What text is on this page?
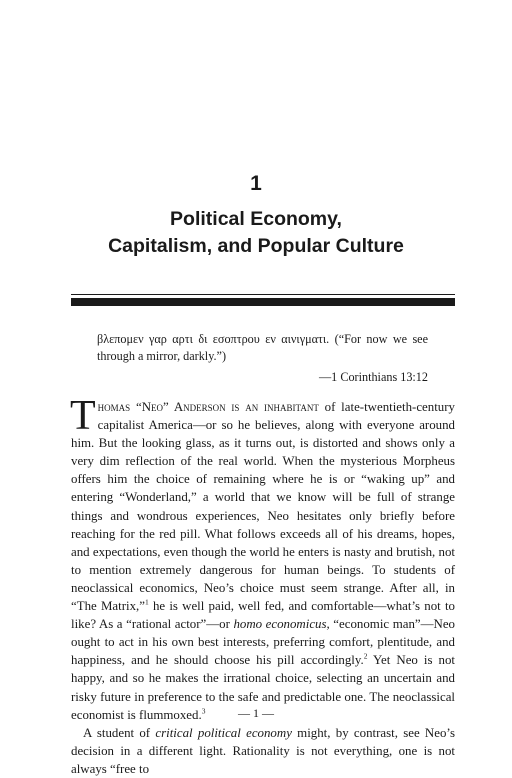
1
Political Economy,
Capitalism, and Popular Culture
βλεπομεν γαρ αρτι δι εσοπτρου εν αινιγματι. (“For now we see through a mirror, darkly.”)
—1 Corinthians 13:12

Thomas “Neo” Anderson is an inhabitant of late-twentieth-century capitalist America—or so he believes, along with everyone around him. But the looking glass, as it turns out, is distorted and shows only a very dim reflection of the real world. When the mysterious Morpheus offers him the choice of remaining where he is or “waking up” and entering “Wonderland,” a world that we know will be full of strange things and wondrous experiences, Neo hesitates only briefly before reaching for the red pill. What follows exceeds all of his dreams, hopes, and expectations, even though the world he enters is nasty and brutish, not to mention extremely dangerous for human beings. To students of neoclassical economics, Neo’s choice must seem strange. After all, in “The Matrix,”$^1$ he is well paid, well fed, and comfortable—what’s not to like? As a “rational actor”—or homo economicus, “economic man”—Neo ought to act in his own best interests, preferring comfort, plentitude, and happiness, and he should choose his pill accordingly.$^2$ Yet Neo is not happy, and so he makes the irrational choice, selecting an uncertain and risky future in preference to the safe and predictable one. The neoclassical economist is flummoxed.$^3$

A student of critical political economy might, by contrast, see Neo’s decision in a different light. Rationality is not everything, one is not always “free to

— 1 —
